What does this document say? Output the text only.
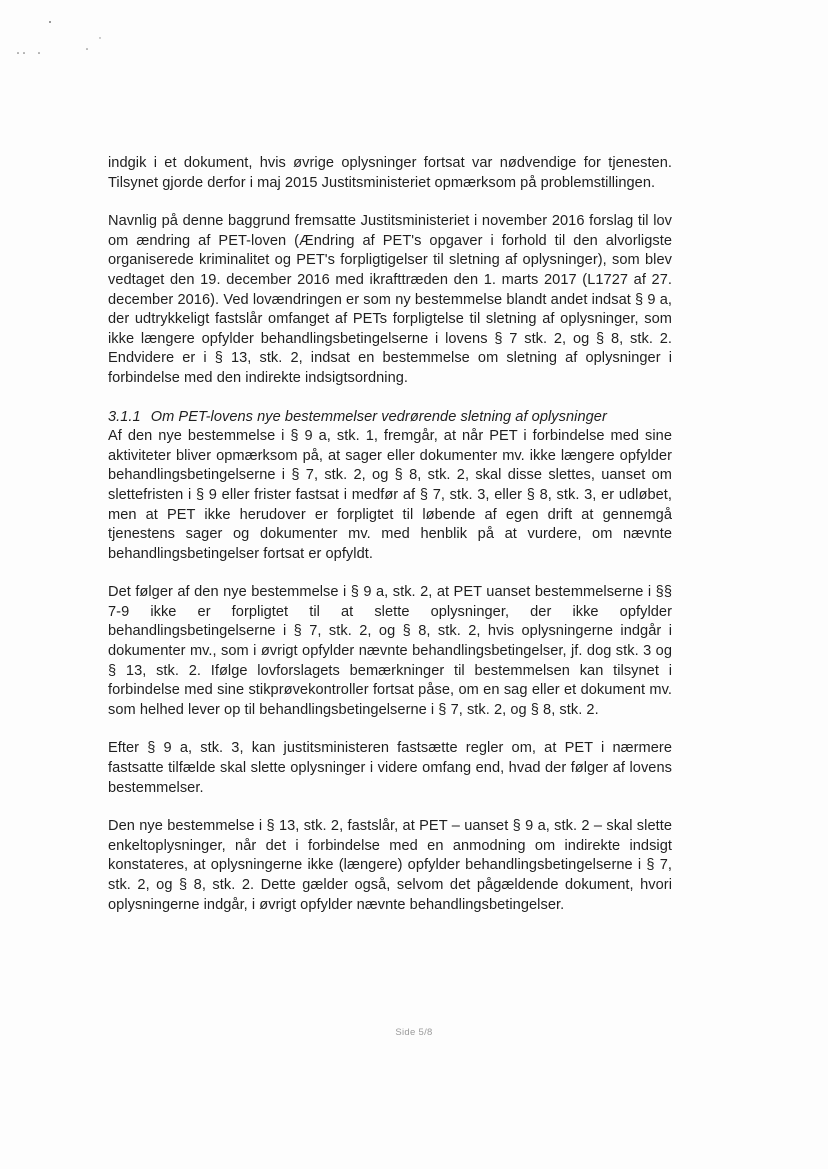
indgik i et dokument, hvis øvrige oplysninger fortsat var nødvendige for tjenesten. Tilsynet gjorde derfor i maj 2015 Justitsministeriet opmærksom på problemstillingen.

Navnlig på denne baggrund fremsatte Justitsministeriet i november 2016 forslag til lov om ændring af PET-loven (Ændring af PET's opgaver i forhold til den alvorligste organiserede kriminalitet og PET's forpligtigelser til sletning af oplysninger), som blev vedtaget den 19. december 2016 med ikrafttræden den 1. marts 2017 (L1727 af 27. december 2016). Ved lovændringen er som ny bestemmelse blandt andet indsat § 9 a, der udtrykkeligt fastslår omfanget af PETs forpligtelse til sletning af oplysninger, som ikke længere opfylder behandlingsbetingelserne i lovens § 7 stk. 2, og § 8, stk. 2. Endvidere er i § 13, stk. 2, indsat en bestemmelse om sletning af oplysninger i forbindelse med den indirekte indsigtsordning.

3.1.1 Om PET-lovens nye bestemmelser vedrørende sletning af oplysninger

Af den nye bestemmelse i § 9 a, stk. 1, fremgår, at når PET i forbindelse med sine aktiviteter bliver opmærksom på, at sager eller dokumenter mv. ikke længere opfylder behandlingsbetingelserne i § 7, stk. 2, og § 8, stk. 2, skal disse slettes, uanset om slettefristen i § 9 eller frister fastsat i medfør af § 7, stk. 3, eller § 8, stk. 3, er udløbet, men at PET ikke herudover er forpligtet til løbende af egen drift at gennemgå tjenestens sager og dokumenter mv. med henblik på at vurdere, om nævnte behandlingsbetingelser fortsat er opfyldt.

Det følger af den nye bestemmelse i § 9 a, stk. 2, at PET uanset bestemmelserne i §§ 7-9 ikke er forpligtet til at slette oplysninger, der ikke opfylder behandlingsbetingelserne i § 7, stk. 2, og § 8, stk. 2, hvis oplysningerne indgår i dokumenter mv., som i øvrigt opfylder nævnte behandlingsbetingelser, jf. dog stk. 3 og § 13, stk. 2. Ifølge lovforslagets bemærkninger til bestemmelsen kan tilsynet i forbindelse med sine stikprøvekontroller fortsat påse, om en sag eller et dokument mv. som helhed lever op til behandlingsbetingelserne i § 7, stk. 2, og § 8, stk. 2.

Efter § 9 a, stk. 3, kan justitsministeren fastsætte regler om, at PET i nærmere fastsatte tilfælde skal slette oplysninger i videre omfang end, hvad der følger af lovens bestemmelser.

Den nye bestemmelse i § 13, stk. 2, fastslår, at PET – uanset § 9 a, stk. 2 – skal slette enkeltoplysninger, når det i forbindelse med en anmodning om indirekte indsigt konstateres, at oplysningerne ikke (længere) opfylder behandlingsbetingelserne i § 7, stk. 2, og § 8, stk. 2. Dette gælder også, selvom det pågældende dokument, hvori oplysningerne indgår, i øvrigt opfylder nævnte behandlingsbetingelser.

Side 5/8
